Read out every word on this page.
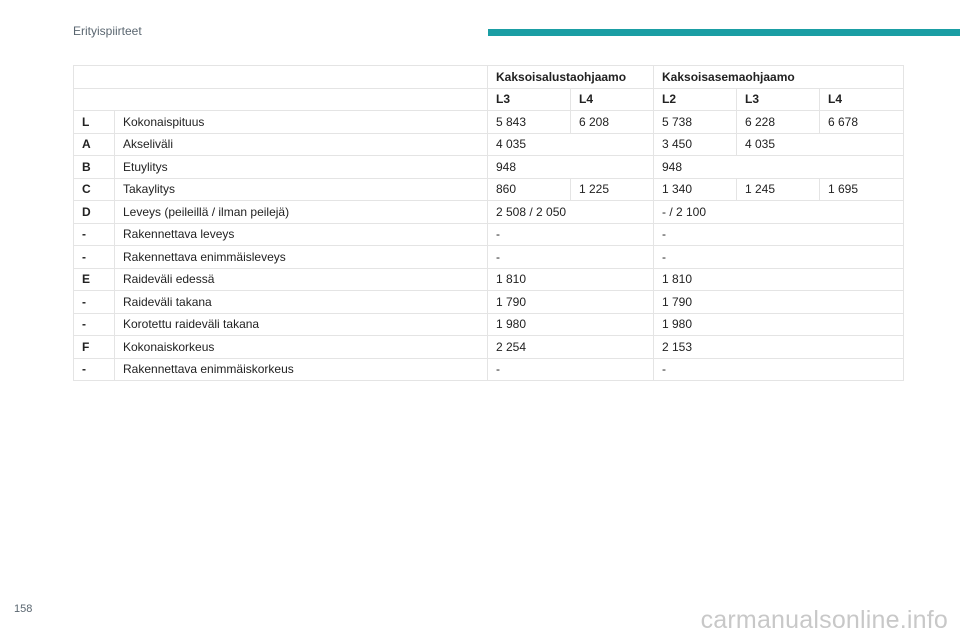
Erityispiirteet
		Kaksoisalustaohjaamo		Kaksoisasemaohjaamo		
		L3	L4	L2	L3	L4
L	Kokonaispituus	5 843	6 208	5 738	6 228	6 678
A	Akseliväli	4 035		3 450	4 035	
B	Etuylitys	948		948		
C	Takaylitys	860	1 225	1 340	1 245	1 695
D	Leveys (peileillä / ilman peilejä)	2 508 / 2 050		- / 2 100		
-	Rakennettava leveys	-		-		
-	Rakennettava enimmäisleveys	-		-		
E	Raideväli edessä	1 810		1 810		
-	Raideväli takana	1 790		1 790		
-	Korotettu raideväli takana	1 980		1 980		
F	Kokonaiskorkeus	2 254		2 153		
-	Rakennettava enimmäiskorkeus	-		-		
158	carmanualsonline.info
